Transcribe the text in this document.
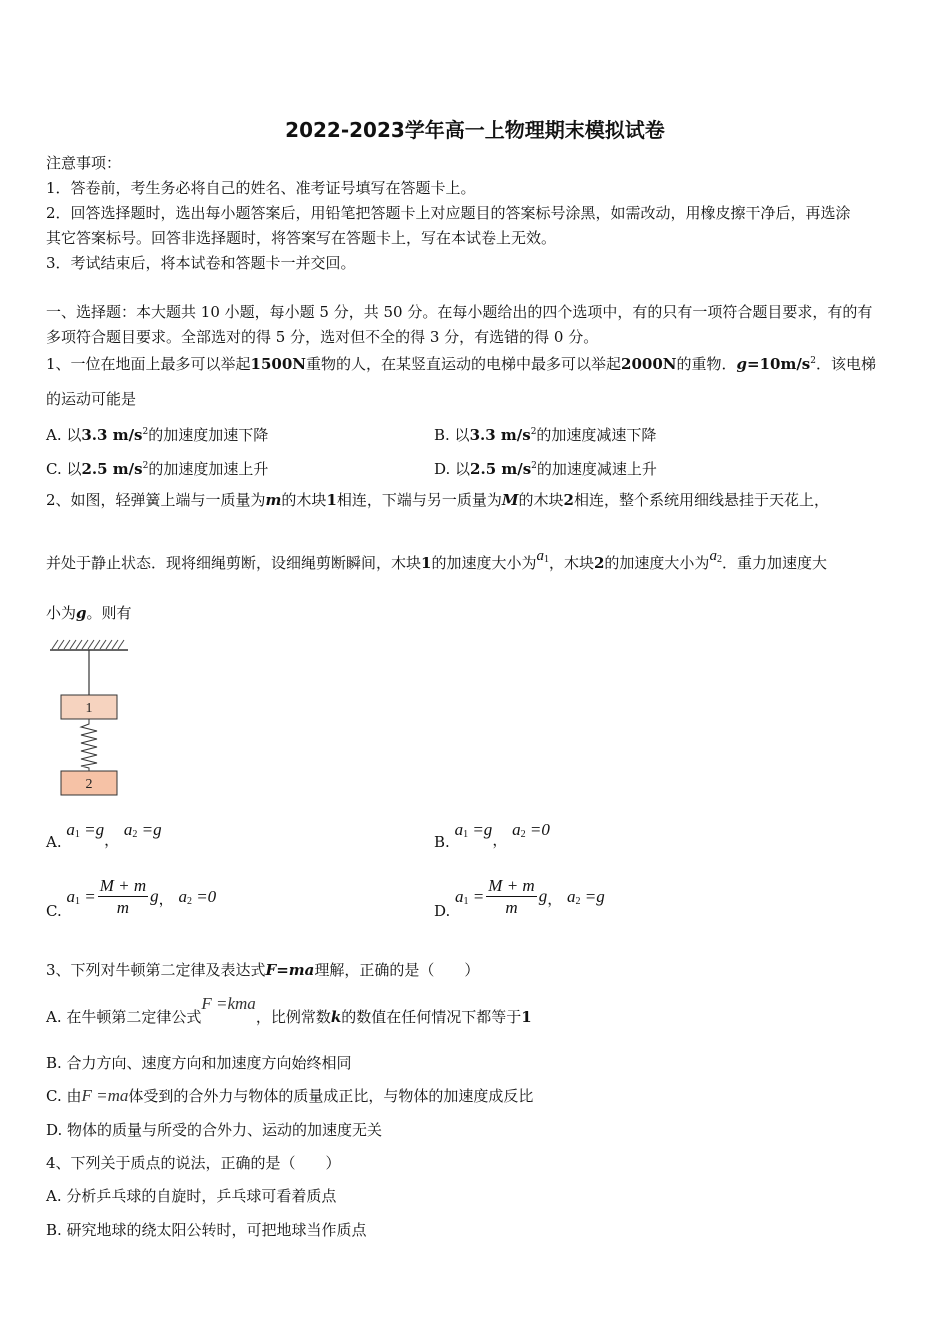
2022-2023学年高一上物理期末模拟试卷
注意事项：
1．答卷前，考生务必将自己的姓名、准考证号填写在答题卡上。
2．回答选择题时，选出每小题答案后，用铅笔把答题卡上对应题目的答案标号涂黑，如需改动，用橡皮擦干净后，再选涂
其它答案标号。回答非选择题时，将答案写在答题卡上，写在本试卷上无效。
3．考试结束后，将本试卷和答题卡一并交回。
一、选择题：本大题共 10 小题，每小题 5 分，共 50 分。在每小题给出的四个选项中，有的只有一项符合题目要求，有的有
多项符合题目要求。全部选对的得 5 分，选对但不全的得 3 分，有选错的得 0 分。
1、一位在地面上最多可以举起1500N重物的人，在某竖直运动的电梯中最多可以举起2000N的重物．$g=10m/s^2$．该电梯
的运动可能是
A. 以3.3 $m/s^2$的加速度加速下降	B. 以3.3 $m/s^2$的加速度减速下降
C. 以2.5 $m/s^2$的加速度加速上升	D. 以2.5 $m/s^2$的加速度减速上升
2、如图，轻弹簧上端与一质量为m的木块1相连，下端与另一质量为M的木块2相连，整个系统用细线悬挂于天花上，
并处于静止状态．现将细绳剪断，设细绳剪断瞬间，木块1的加速度大小为$a_1$，木块2的加速度大小为$a_2$．重力加速度大
小为g。则有
1
2
A. $a_1 =g$， $a_2 =g$
B. $a_1 =g$， $a_2 =0$
C. $a_1 = \frac{M + m}{m}$ g， $a_2 =0$
D. $a_1 = \frac{M + m}{m}$ g， $a_2 =g$
3、下列对牛顿第二定律及表达式F=ma理解，正确的是（　　）
A. 在牛顿第二定律公式F =kma，比例常数k的数值在任何情况下都等于1
B. 合力方向、速度方向和加速度方向始终相同
C. 由F =ma体受到的合外力与物体的质量成正比，与物体的加速度成反比
D. 物体的质量与所受的合外力、运动的加速度无关
4、下列关于质点的说法，正确的是（　　）
A. 分析乒乓球的自旋时，乒乓球可看着质点
B. 研究地球的绕太阳公转时，可把地球当作质点
